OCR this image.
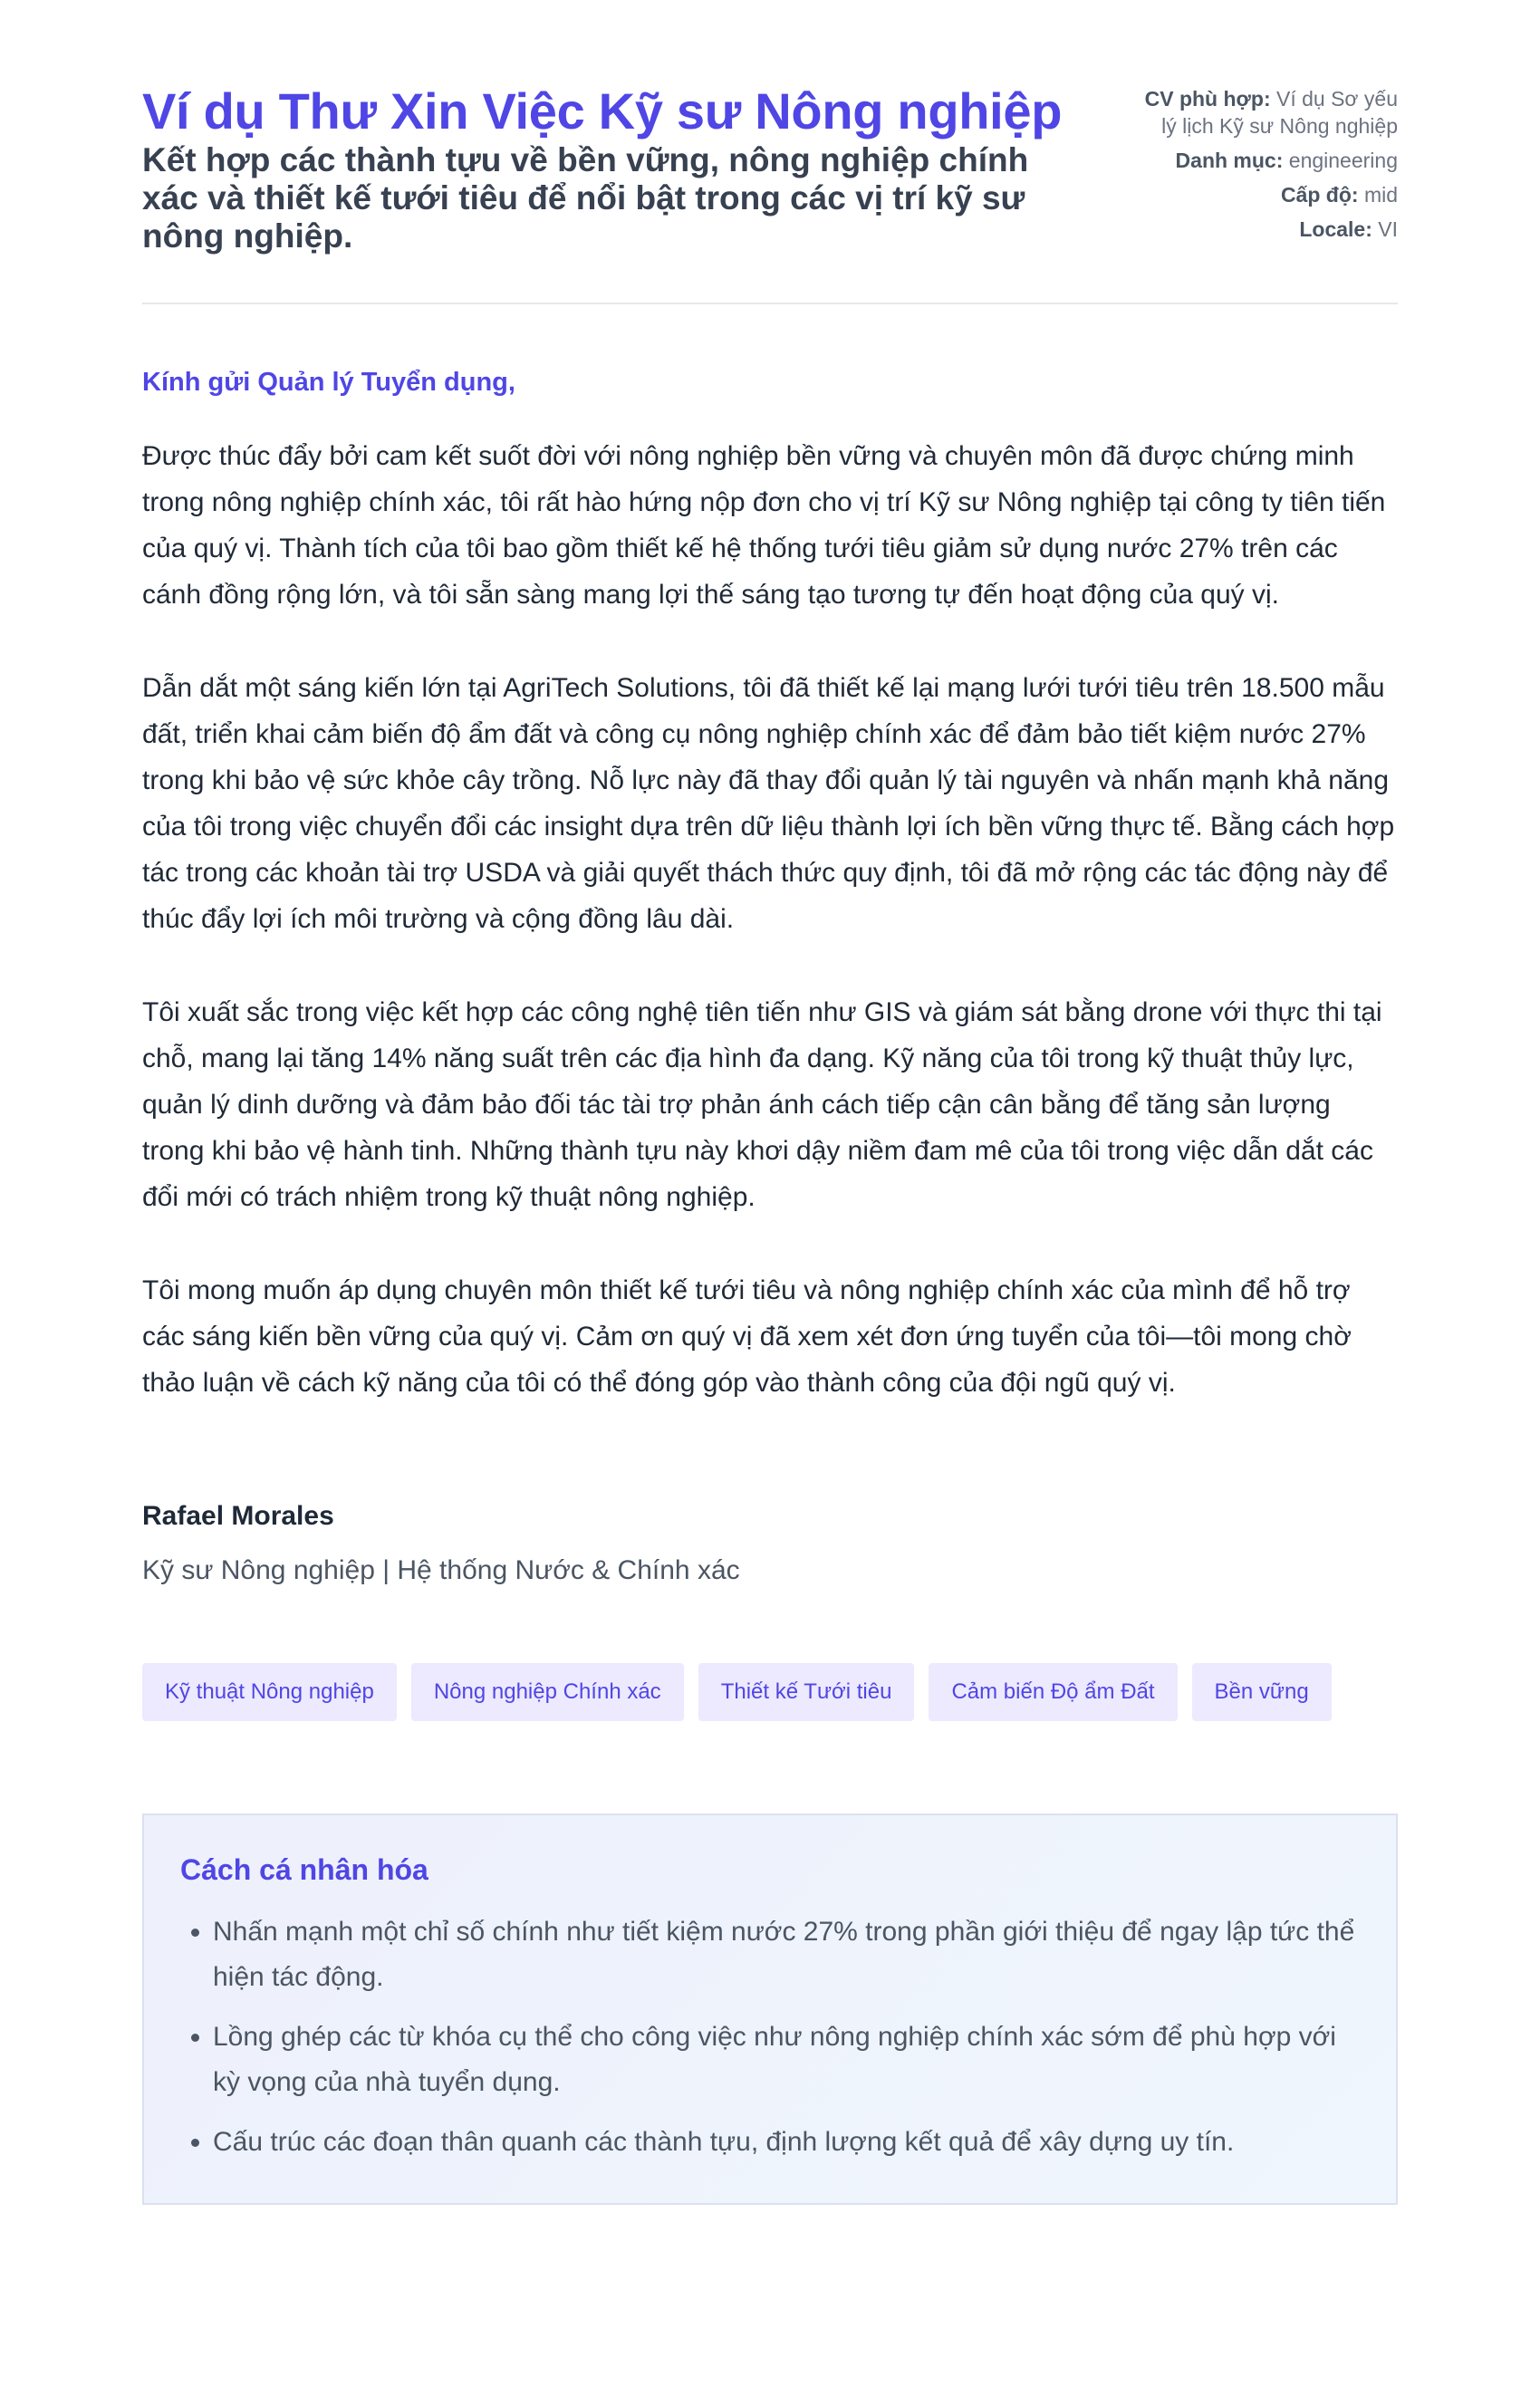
Ví dụ Thư Xin Việc Kỹ sư Nông nghiệp

Kết hợp các thành tựu về bền vững, nông nghiệp chính xác và thiết kế tưới tiêu để nổi bật trong các vị trí kỹ sư nông nghiệp.

CV phù hợp: Ví dụ Sơ yếu lý lịch Kỹ sư Nông nghiệp
Danh mục: engineering
Cấp độ: mid
Locale: VI

Kính gửi Quản lý Tuyển dụng,

Được thúc đẩy bởi cam kết suốt đời với nông nghiệp bền vững và chuyên môn đã được chứng minh trong nông nghiệp chính xác, tôi rất hào hứng nộp đơn cho vị trí Kỹ sư Nông nghiệp tại công ty tiên tiến của quý vị. Thành tích của tôi bao gồm thiết kế hệ thống tưới tiêu giảm sử dụng nước 27% trên các cánh đồng rộng lớn, và tôi sẵn sàng mang lợi thế sáng tạo tương tự đến hoạt động của quý vị.

Dẫn dắt một sáng kiến lớn tại AgriTech Solutions, tôi đã thiết kế lại mạng lưới tưới tiêu trên 18.500 mẫu đất, triển khai cảm biến độ ẩm đất và công cụ nông nghiệp chính xác để đảm bảo tiết kiệm nước 27% trong khi bảo vệ sức khỏe cây trồng. Nỗ lực này đã thay đổi quản lý tài nguyên và nhấn mạnh khả năng của tôi trong việc chuyển đổi các insight dựa trên dữ liệu thành lợi ích bền vững thực tế. Bằng cách hợp tác trong các khoản tài trợ USDA và giải quyết thách thức quy định, tôi đã mở rộng các tác động này để thúc đẩy lợi ích môi trường và cộng đồng lâu dài.

Tôi xuất sắc trong việc kết hợp các công nghệ tiên tiến như GIS và giám sát bằng drone với thực thi tại chỗ, mang lại tăng 14% năng suất trên các địa hình đa dạng. Kỹ năng của tôi trong kỹ thuật thủy lực, quản lý dinh dưỡng và đảm bảo đối tác tài trợ phản ánh cách tiếp cận cân bằng để tăng sản lượng trong khi bảo vệ hành tinh. Những thành tựu này khơi dậy niềm đam mê của tôi trong việc dẫn dắt các đổi mới có trách nhiệm trong kỹ thuật nông nghiệp.

Tôi mong muốn áp dụng chuyên môn thiết kế tưới tiêu và nông nghiệp chính xác của mình để hỗ trợ các sáng kiến bền vững của quý vị. Cảm ơn quý vị đã xem xét đơn ứng tuyển của tôi—tôi mong chờ thảo luận về cách kỹ năng của tôi có thể đóng góp vào thành công của đội ngũ quý vị.

Rafael Morales

Kỹ sư Nông nghiệp | Hệ thống Nước & Chính xác

Kỹ thuật Nông nghiệp	Nông nghiệp Chính xác	Thiết kế Tưới tiêu	Cảm biến Độ ẩm Đất	Bền vững
Cách cá nhân hóa
• Nhấn mạnh một chỉ số chính như tiết kiệm nước 27% trong phần giới thiệu để ngay lập tức thể hiện tác động.
• Lồng ghép các từ khóa cụ thể cho công việc như nông nghiệp chính xác sớm để phù hợp với kỳ vọng của nhà tuyển dụng.
• Cấu trúc các đoạn thân quanh các thành tựu, định lượng kết quả để xây dựng uy tín.
